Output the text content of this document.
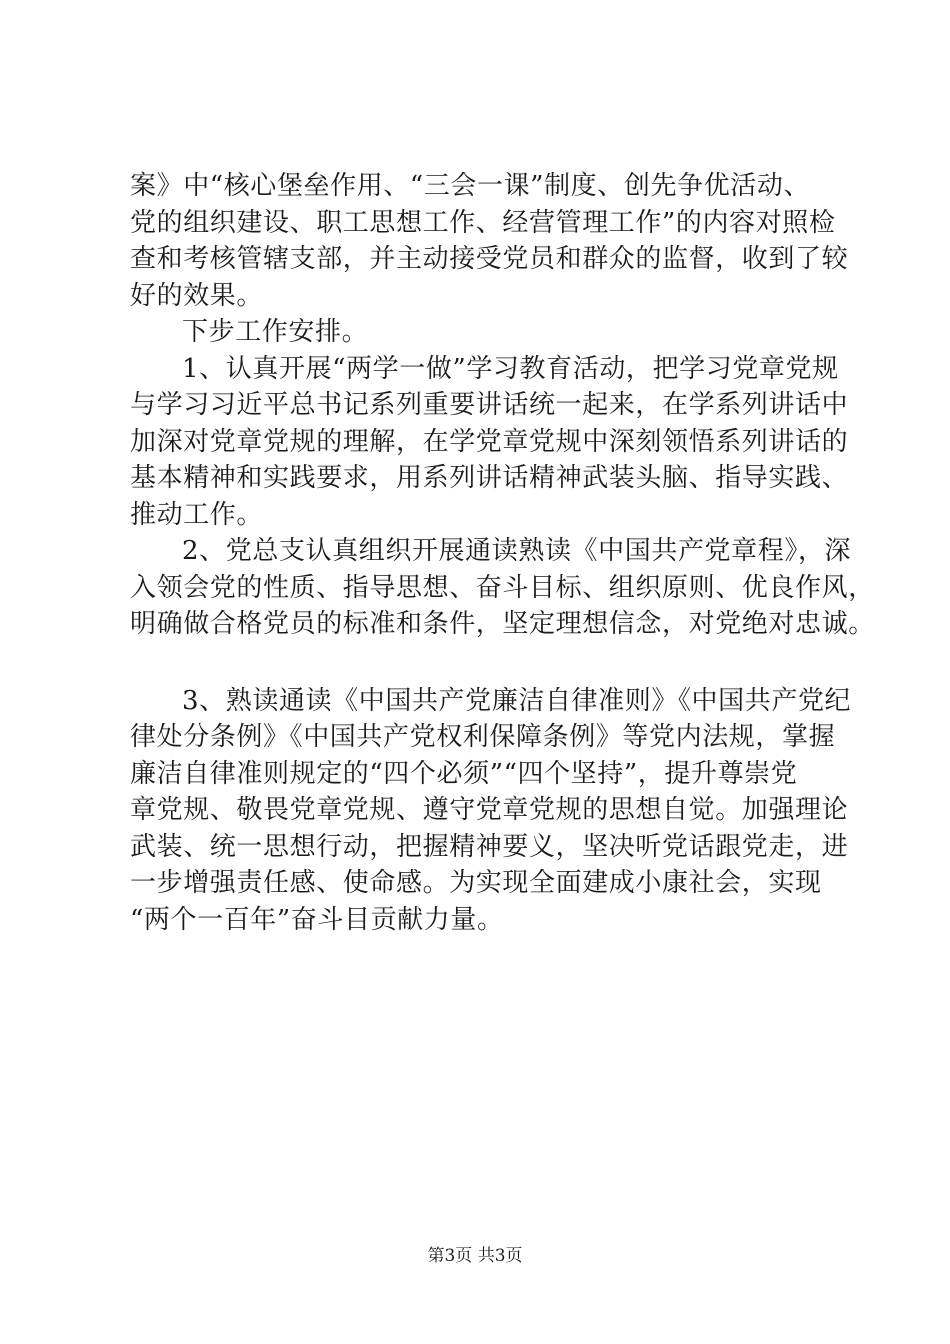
案》中“核心堡垒作用、“三会一课”制度、创先争优活动、
党的组织建设、职工思想工作、经营管理工作”的内容对照检
查和考核管辖支部，并主动接受党员和群众的监督，收到了较
好的效果。
下步工作安排。
1、认真开展“两学一做”学习教育活动，把学习党章党规
与学习习近平总书记系列重要讲话统一起来，在学系列讲话中
加深对党章党规的理解，在学党章党规中深刻领悟系列讲话的
基本精神和实践要求，用系列讲话精神武装头脑、指导实践、
推动工作。
2、党总支认真组织开展通读熟读《中国共产党章程》，深
入领会党的性质、指导思想、奋斗目标、组织原则、优良作风，
明确做合格党员的标准和条件，坚定理想信念，对党绝对忠诚。
3、熟读通读《中国共产党廉洁自律准则》《中国共产党纪
律处分条例》《中国共产党权利保障条例》等党内法规，掌握
廉洁自律准则规定的“四个必须”“四个坚持”，提升尊崇党
章党规、敬畏党章党规、遵守党章党规的思想自觉。加强理论
武装、统一思想行动，把握精神要义，坚决听党话跟党走，进
一步增强责任感、使命感。为实现全面建成小康社会，实现
“两个一百年”奋斗目贡献力量。
第3页 共3页
